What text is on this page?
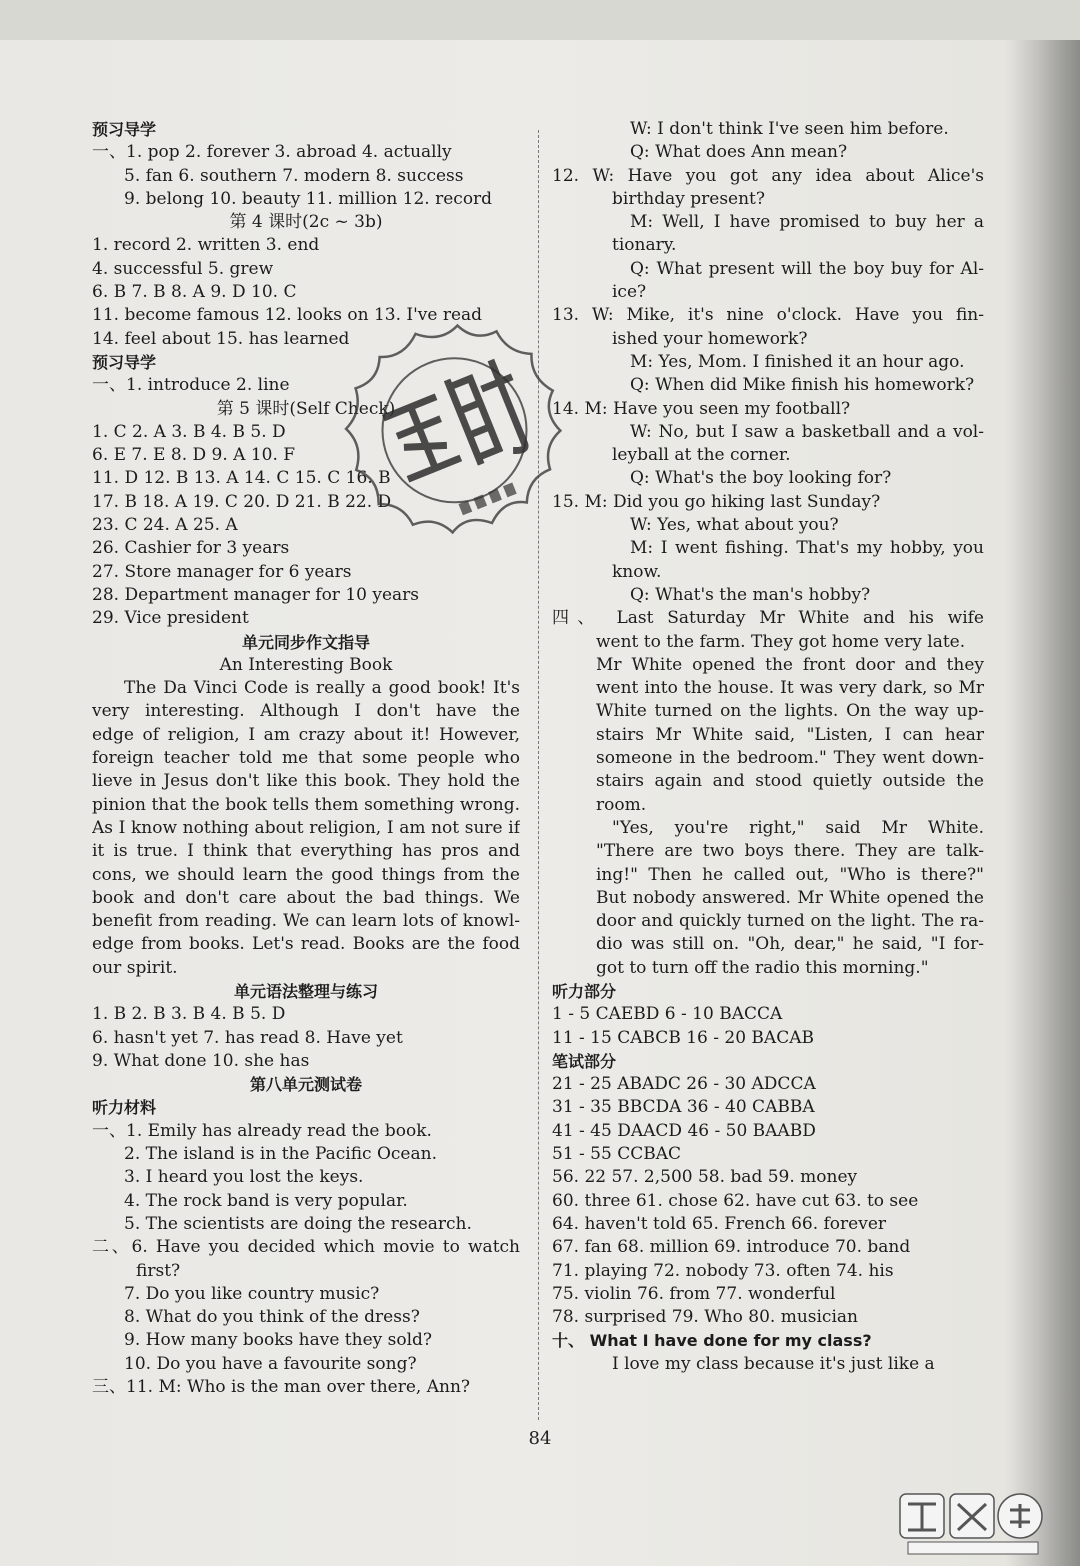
预习导学
一、1. pop 2. forever 3. abroad 4. actually
5. fan 6. southern 7. modern 8. success
9. belong 10. beauty 11. million 12. record
第 4 课时(2c ~ 3b)
1. record 2. written 3. end
4. successful 5. grew
6. B 7. B 8. A 9. D 10. C
11. become famous 12. looks on 13. I've read
14. feel about 15. has learned
预习导学
一、1. introduce 2. line
第 5 课时(Self Check)
1. C 2. A 3. B 4. B 5. D
6. E 7. E 8. D 9. A 10. F
11. D 12. B 13. A 14. C 15. C 16. B
17. B 18. A 19. C 20. D 21. B 22. D
23. C 24. A 25. A
26. Cashier for 3 years
27. Store manager for 6 years
28. Department manager for 10 years
29. Vice president
单元同步作文指导
An Interesting Book
The Da Vinci Code is really a good book! It's
very interesting. Although I don't have the
edge of religion, I am crazy about it! However,
foreign teacher told me that some people who
lieve in Jesus don't like this book. They hold the
pinion that the book tells them something wrong.
As I know nothing about religion, I am not sure if
it is true. I think that everything has pros and
cons, we should learn the good things from the
book and don't care about the bad things. We
benefit from reading. We can learn lots of knowl-
edge from books. Let's read. Books are the food
our spirit.
单元语法整理与练习
1. B 2. B 3. B 4. B 5. D
6. hasn't yet 7. has read 8. Have yet
9. What done 10. she has
第八单元测试卷
听力材料
一、1. Emily has already read the book.
2. The island is in the Pacific Ocean.
3. I heard you lost the keys.
4. The rock band is very popular.
5. The scientists are doing the research.
二、6. Have you decided which movie to watch
first?
7. Do you like country music?
8. What do you think of the dress?
9. How many books have they sold?
10. Do you have a favourite song?
三、11. M: Who is the man over there, Ann?
W: I don't think I've seen him before.
Q: What does Ann mean?
12. W: Have you got any idea about Alice's
birthday present?
M: Well, I have promised to buy her a
tionary.
Q: What present will the boy buy for Al-
ice?
13. W: Mike, it's nine o'clock. Have you fin-
ished your homework?
M: Yes, Mom. I finished it an hour ago.
Q: When did Mike finish his homework?
14. M: Have you seen my football?
W: No, but I saw a basketball and a vol-
leyball at the corner.
Q: What's the boy looking for?
15. M: Did you go hiking last Sunday?
W: Yes, what about you?
M: I went fishing. That's my hobby, you
know.
Q: What's the man's hobby?
四、 Last Saturday Mr White and his wife
went to the farm. They got home very late.
Mr White opened the front door and they
went into the house. It was very dark, so Mr
White turned on the lights. On the way up-
stairs Mr White said, "Listen, I can hear
someone in the bedroom." They went down-
stairs again and stood quietly outside the
room.
"Yes, you're right," said Mr White.
"There are two boys there. They are talk-
ing!" Then he called out, "Who is there?"
But nobody answered. Mr White opened the
door and quickly turned on the light. The ra-
dio was still on. "Oh, dear," he said, "I for-
got to turn off the radio this morning."
听力部分
1 - 5 CAEBD 6 - 10 BACCA
11 - 15 CABCB 16 - 20 BACAB
笔试部分
21 - 25 ABADC 26 - 30 ADCCA
31 - 35 BBCDA 36 - 40 CABBA
41 - 45 DAACD 46 - 50 BAABD
51 - 55 CCBAC
56. 22 57. 2,500 58. bad 59. money
60. three 61. chose 62. have cut 63. to see
64. haven't told 65. French 66. forever
67. fan 68. million 69. introduce 70. band
71. playing 72. nobody 73. often 74. his
75. violin 76. from 77. wonderful
78. surprised 79. Who 80. musician
十、 What I have done for my class?
I love my class because it's just like a
84
